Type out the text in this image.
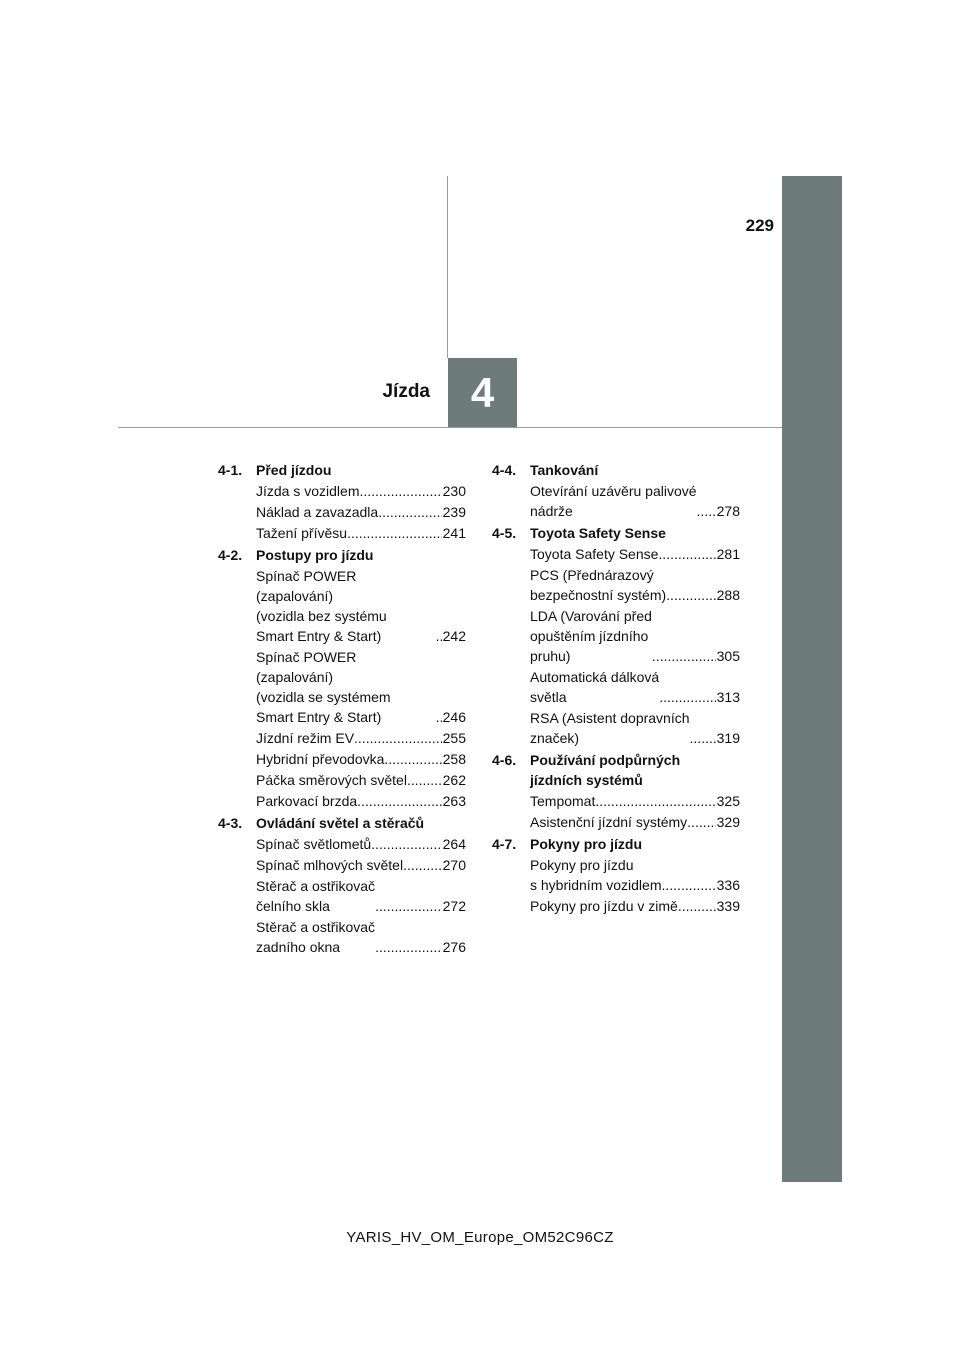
229
Jízda 4
4-1. Před jízdou
Jízda s vozidlem .....	230
Náklad a zavazadla .....	239
Tažení přívěsu .....	241
4-2. Postupy pro jízdu
Spínač POWER (zapalování)
(vozidla bez systému
Smart Entry & Start) .....	242
Spínač POWER (zapalování)
(vozidla se systémem
Smart Entry & Start) .....	246
Jízdní režim EV .....	255
Hybridní převodovka .....	258
Páčka směrových světel .....	262
Parkovací brzda .....	263
4-3. Ovládání světel a stěračů
Spínač světlometů .....	264
Spínač mlhových světel .....	270
Stěrač a ostřikovač
čelního skla .....	272
Stěrač a ostřikovač
zadního okna .....	276
4-4. Tankování
Otevírání uzávěru palivové
nádrže .....	278
4-5. Toyota Safety Sense
Toyota Safety Sense .....	281
PCS (Přednárazový
bezpečnostní systém) .....	288
LDA (Varování před
opuštěním jízdního
pruhu) .....	305
Automatická dálková
světla .....	313
RSA (Asistent dopravních
značek) .....	319
4-6. Používání podpůrných
jízdních systémů
Tempomat .....	325
Asistenční jízdní systémy ..... 329
4-7. Pokyny pro jízdu
Pokyny pro jízdu
s hybridním vozidlem .....	336
Pokyny pro jízdu v zimě .....	339
YARIS_HV_OM_Europe_OM52C96CZ
